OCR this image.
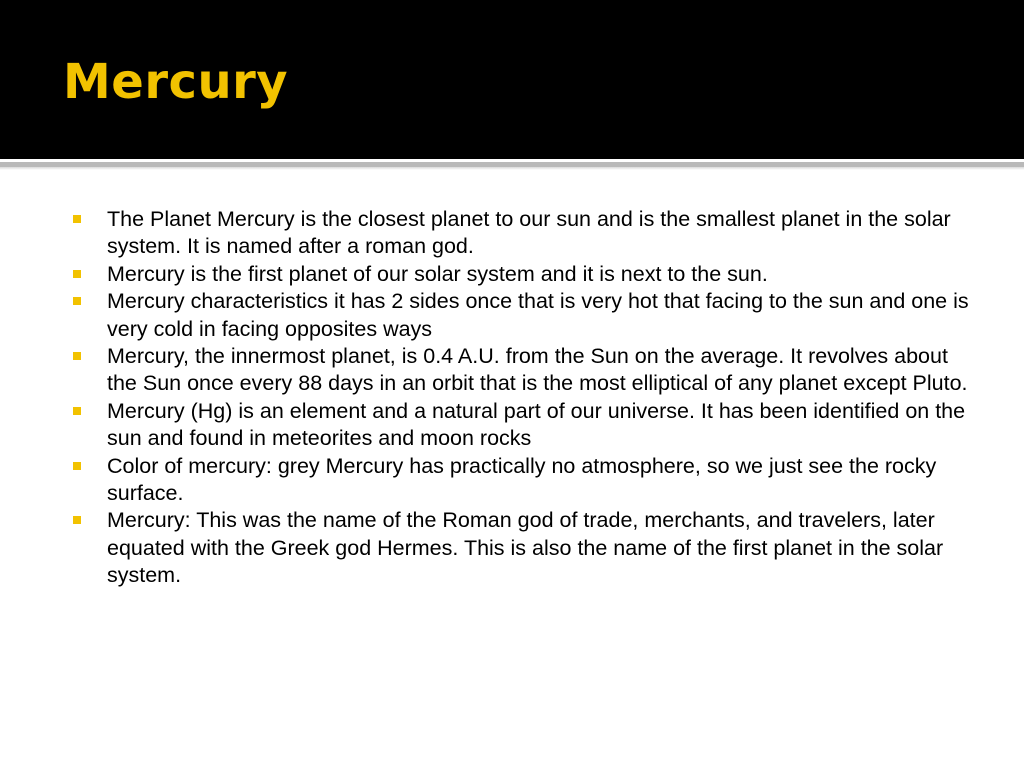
Mercury
The Planet Mercury is the closest planet to our sun and is the smallest planet in the solar system. It is named after a roman god.
Mercury is the first planet of our solar system and it is next to the sun.
Mercury characteristics it has 2 sides once that is very hot that facing to the sun and one is very cold in facing opposites ways
Mercury, the innermost planet, is 0.4 A.U. from the Sun on the average. It revolves about the Sun once every 88 days in an orbit that is the most elliptical of any planet except Pluto.
Mercury (Hg) is an element and a natural part of our universe. It has been identified on the sun and found in meteorites and moon rocks
Color of mercury: grey Mercury has practically no atmosphere, so we just see the rocky surface.
Mercury: This was the name of the Roman god of trade, merchants, and travelers, later equated with the Greek god Hermes. This is also the name of the first planet in the solar system.
